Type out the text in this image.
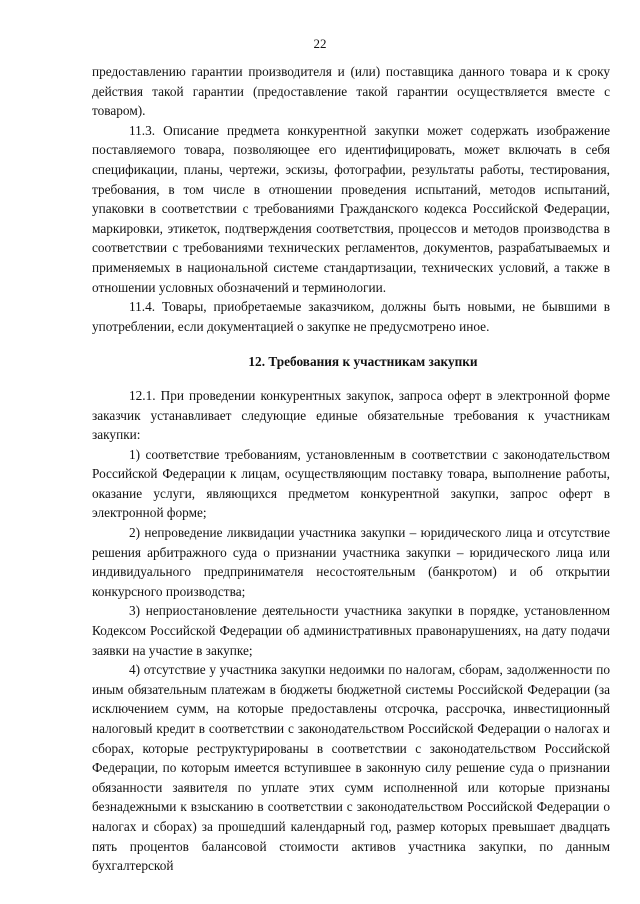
22

предоставлению гарантии производителя и (или) поставщика данного товара и к сроку действия такой гарантии (предоставление такой гарантии осуществляется вместе с товаром).

11.3. Описание предмета конкурентной закупки может содержать изображение поставляемого товара, позволяющее его идентифицировать, может включать в себя спецификации, планы, чертежи, эскизы, фотографии, результаты работы, тестирования, требования, в том числе в отношении проведения испытаний, методов испытаний, упаковки в соответствии с требованиями Гражданского кодекса Российской Федерации, маркировки, этикеток, подтверждения соответствия, процессов и методов производства в соответствии с требованиями технических регламентов, документов, разрабатываемых и применяемых в национальной системе стандартизации, технических условий, а также в отношении условных обозначений и терминологии.

11.4. Товары, приобретаемые заказчиком, должны быть новыми, не бывшими в употреблении, если документацией о закупке не предусмотрено иное.

12. Требования к участникам закупки

12.1. При проведении конкурентных закупок, запроса оферт в электронной форме заказчик устанавливает следующие единые обязательные требования к участникам закупки:

1) соответствие требованиям, установленным в соответствии с законодательством Российской Федерации к лицам, осуществляющим поставку товара, выполнение работы, оказание услуги, являющихся предметом конкурентной закупки, запрос оферт в электронной форме;

2) непроведение ликвидации участника закупки – юридического лица и отсутствие решения арбитражного суда о признании участника закупки – юридического лица или индивидуального предпринимателя несостоятельным (банкротом) и об открытии конкурсного производства;

3) неприостановление деятельности участника закупки в порядке, установленном Кодексом Российской Федерации об административных правонарушениях, на дату подачи заявки на участие в закупке;

4) отсутствие у участника закупки недоимки по налогам, сборам, задолженности по иным обязательным платежам в бюджеты бюджетной системы Российской Федерации (за исключением сумм, на которые предоставлены отсрочка, рассрочка, инвестиционный налоговый кредит в соответствии с законодательством Российской Федерации о налогах и сборах, которые реструктурированы в соответствии с законодательством Российской Федерации, по которым имеется вступившее в законную силу решение суда о признании обязанности заявителя по уплате этих сумм исполненной или которые признаны безнадежными к взысканию в соответствии с законодательством Российской Федерации о налогах и сборах) за прошедший календарный год, размер которых превышает двадцать пять процентов балансовой стоимости активов участника закупки, по данным бухгалтерской
